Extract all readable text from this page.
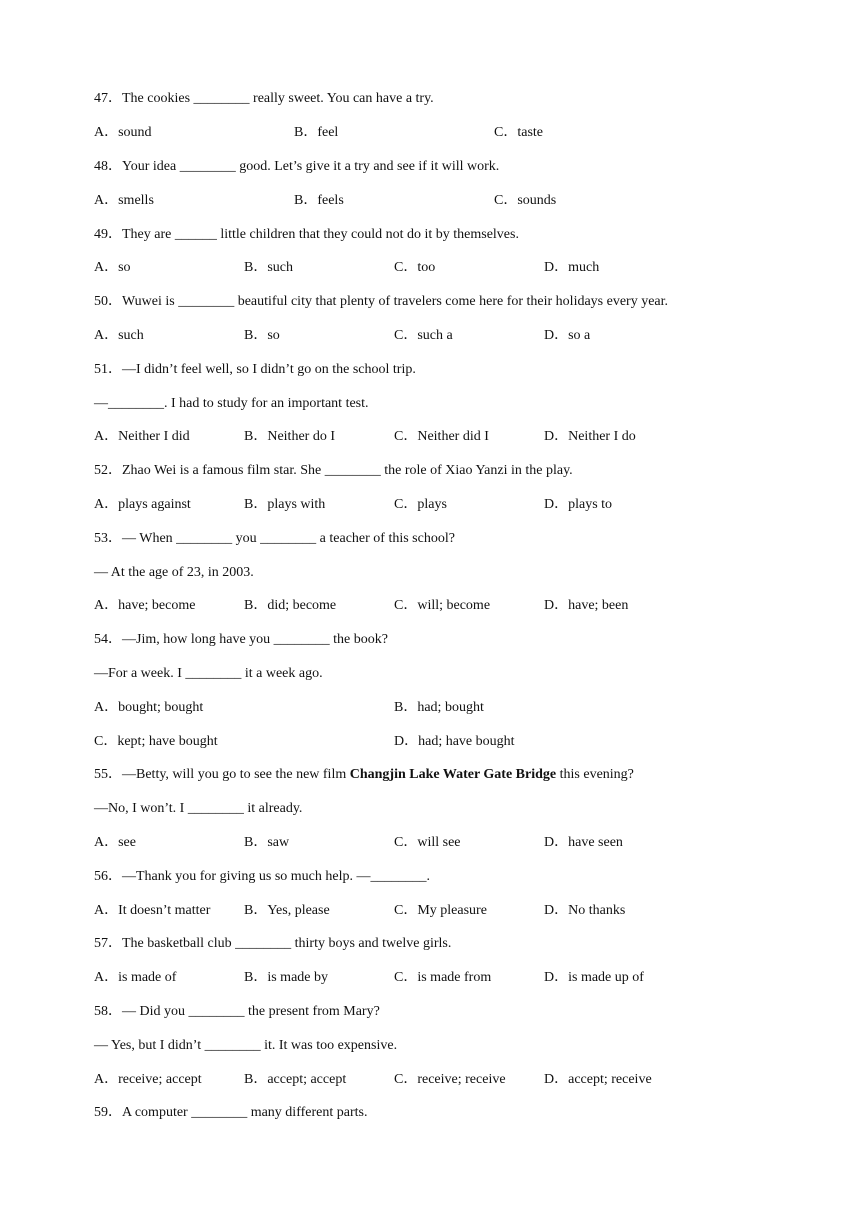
47．The cookies ________ really sweet. You can have a try.
A．sound	B．feel	C．taste
48．Your idea ________ good. Let’s give it a try and see if it will work.
A．smells	B．feels	C．sounds
49．They are ______ little children that they could not do it by themselves.
A．so	B．such	C．too	D．much
50．Wuwei is ________ beautiful city that plenty of travelers come here for their holidays every year.
A．such	B．so	C．such a	D．so a
51．—I didn’t feel well, so I didn’t go on the school trip.
—________. I had to study for an important test.
A．Neither I did	B．Neither do I	C．Neither did I	D．Neither I do
52．Zhao Wei is a famous film star. She ________ the role of Xiao Yanzi in the play.
A．plays against	B．plays with	C．plays	D．plays to
53．— When ________ you ________ a teacher of this school?
— At the age of 23, in 2003.
A．have; become	B．did; become	C．will; become	D．have; been
54．—Jim, how long have you ________ the book?
—For a week. I ________ it a week ago.
A．bought; bought	B．had; bought
C．kept; have bought	D．had; have bought
55．—Betty, will you go to see the new film Changjin Lake Water Gate Bridge this evening?
—No, I won’t. I ________ it already.
A．see	B．saw	C．will see	D．have seen
56．—Thank you for giving us so much help. —________.
A．It doesn’t matter B．Yes, please	C．My pleasure	D．No thanks
57．The basketball club ________ thirty boys and twelve girls.
A．is made of	B．is made by	C．is made from	D．is made up of
58．— Did you ________ the present from Mary?
— Yes, but I didn’t ________ it. It was too expensive.
A．receive; accept	B．accept; accept	C．receive; receive	D．accept; receive
59．A computer ________ many different parts.
